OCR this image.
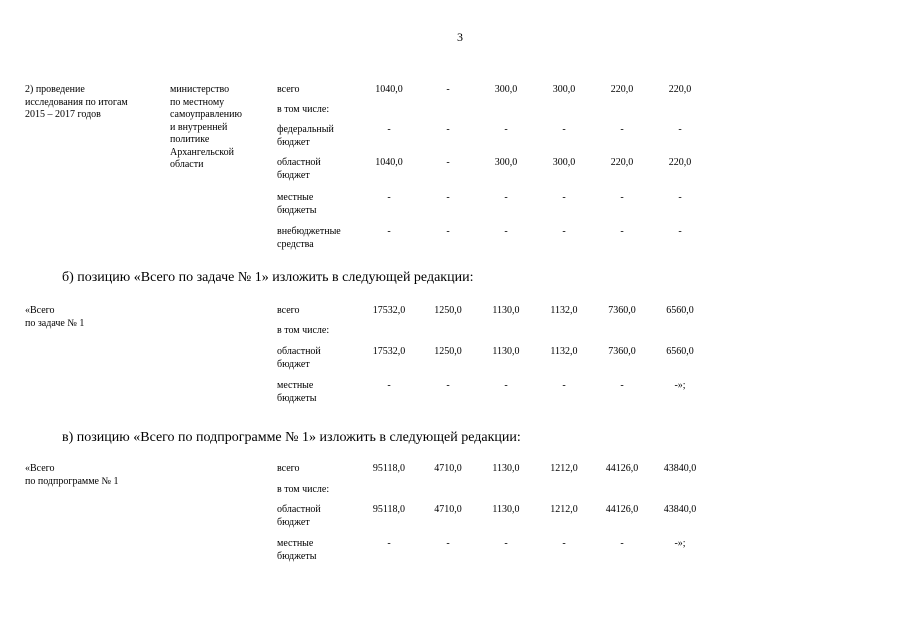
3
2) проведение
исследования по итогам
2015 – 2017 годов
министерство
по местному
самоуправлению
и внутренней
политике
Архангельской
области
всего	1040,0	-	300,0	300,0	220,0	220,0
в том числе:
федеральный
бюджет
-	-	-	-	-	-
областной
бюджет
1040,0	-	300,0	300,0	220,0	220,0
местные
бюджеты
-	-	-	-	-	-
внебюджетные
средства
-	-	-	-	-	-
б) позицию «Всего по задаче № 1» изложить в следующей редакции:
«Всего
по задаче № 1
всего	17532,0	1250,0	1130,0	1132,0	7360,0	6560,0
в том числе:
областной
бюджет
17532,0	1250,0	1130,0	1132,0	7360,0	6560,0
местные
бюджеты
-	-	-	-	-	-»;
в) позицию «Всего по подпрограмме № 1» изложить в следующей редакции:
«Всего
по подпрограмме № 1
всего	95118,0	4710,0	1130,0	1212,0	44126,0	43840,0
в том числе:
областной
бюджет
95118,0	4710,0	1130,0	1212,0	44126,0	43840,0
местные
бюджеты
-	-	-	-	-	-»;
